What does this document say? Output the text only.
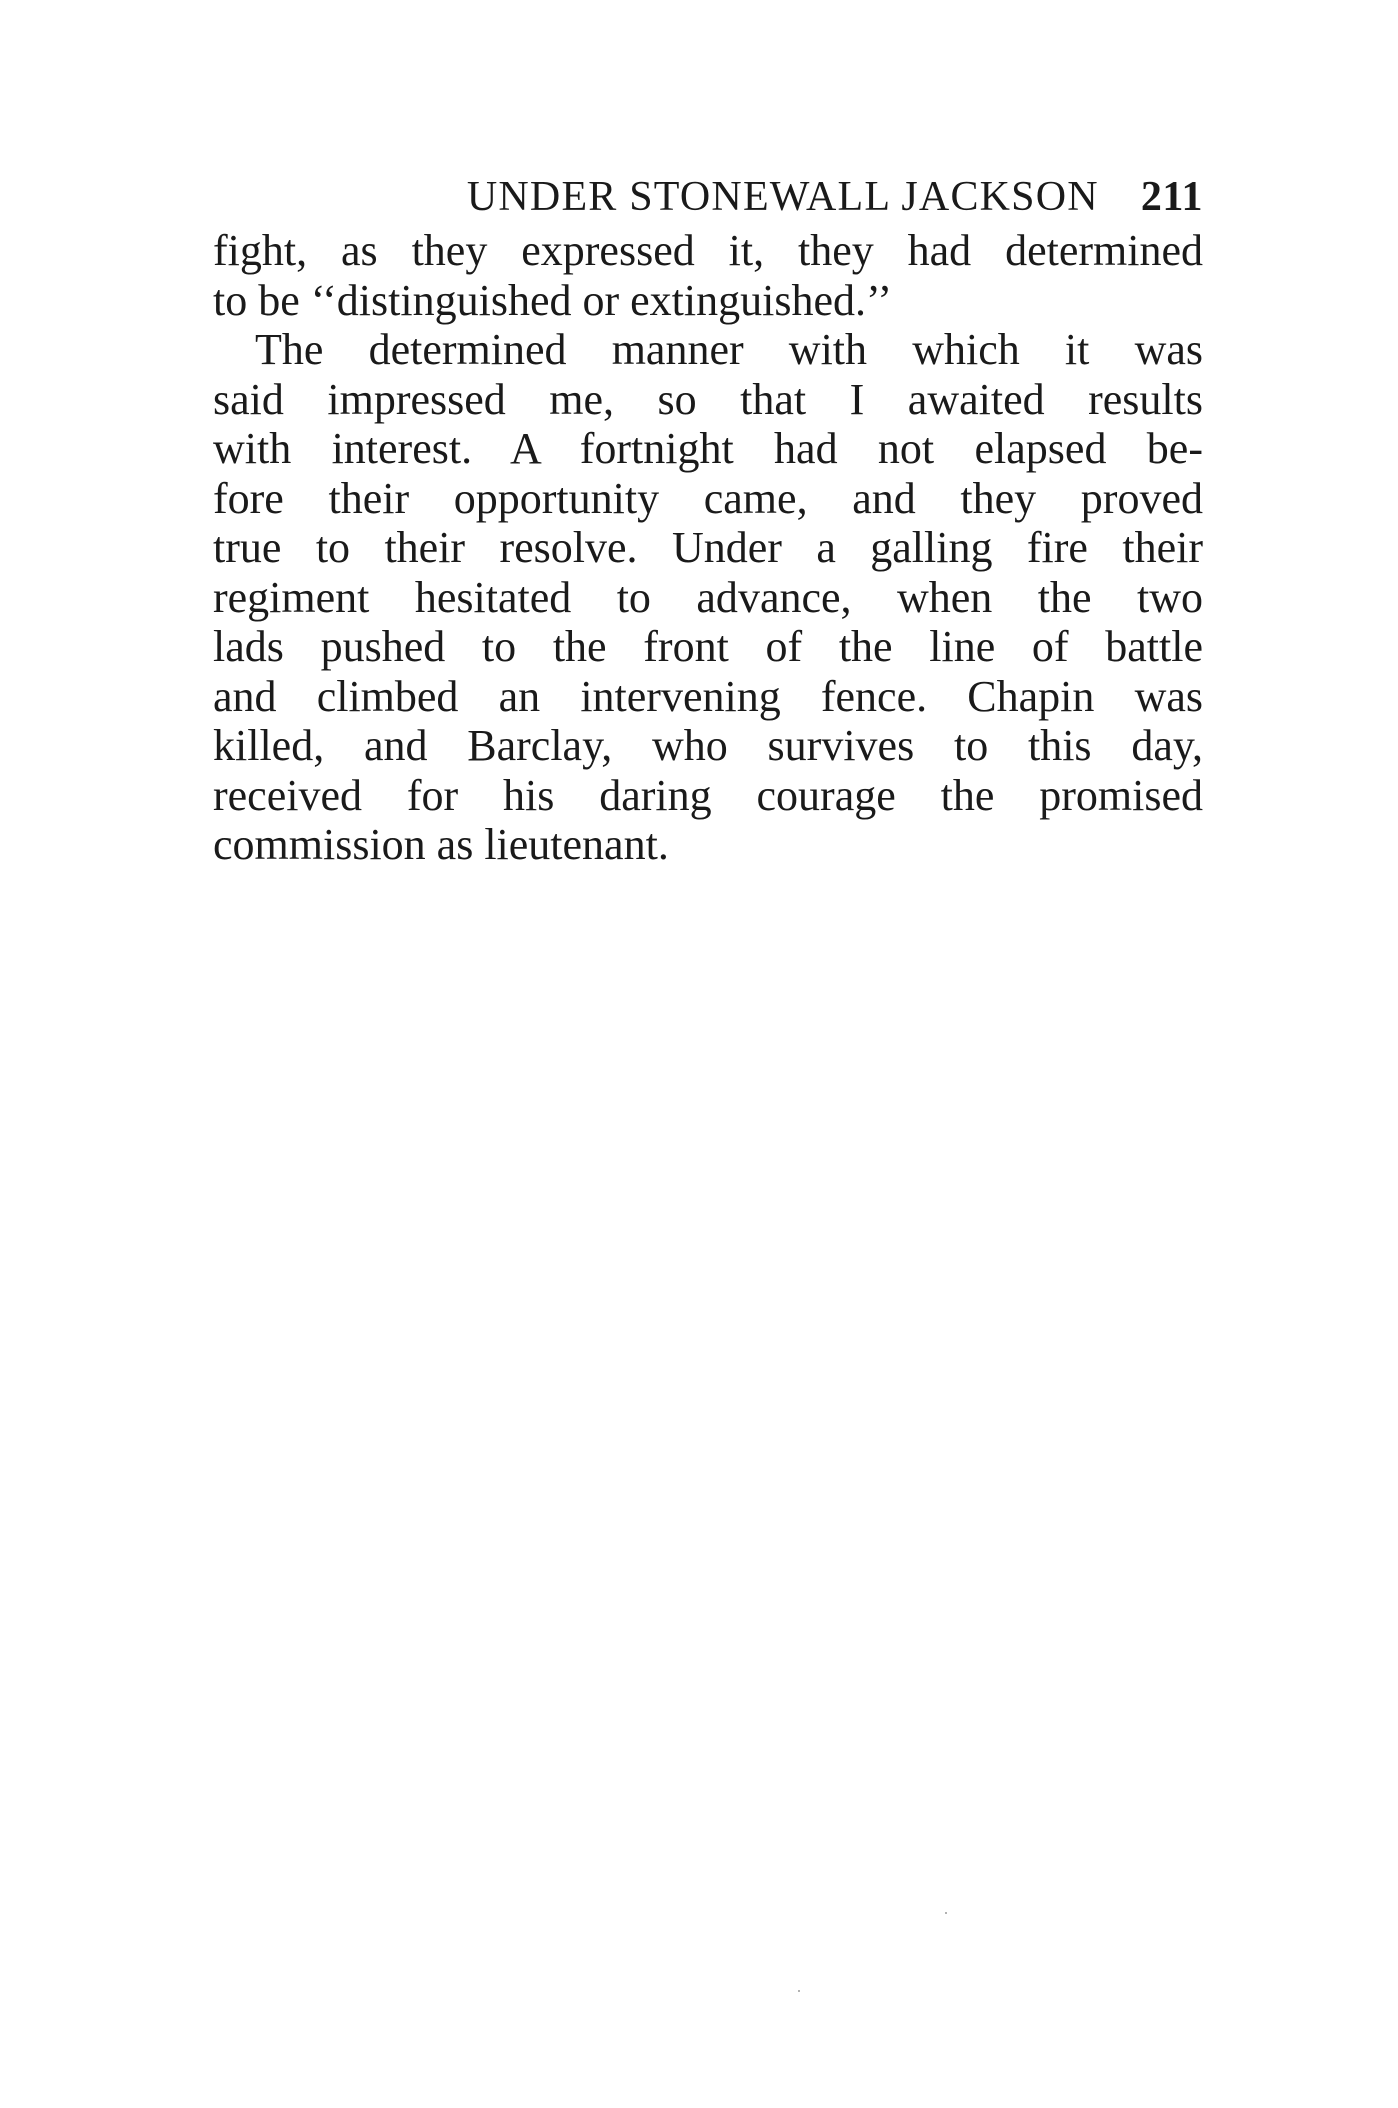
UNDER STONEWALL JACKSON 211
fight, as they expressed it, they had determined
to be ‘‘distinguished or extinguished.’’
The determined manner with which it was
said impressed me, so that I awaited results
with interest. A fortnight had not elapsed be-
fore their opportunity came, and they proved
true to their resolve. Under a galling fire their
regiment hesitated to advance, when the two
lads pushed to the front of the line of battle
and climbed an intervening fence. Chapin was
killed, and Barclay, who survives to this day,
received for his daring courage the promised
commission as lieutenant.
